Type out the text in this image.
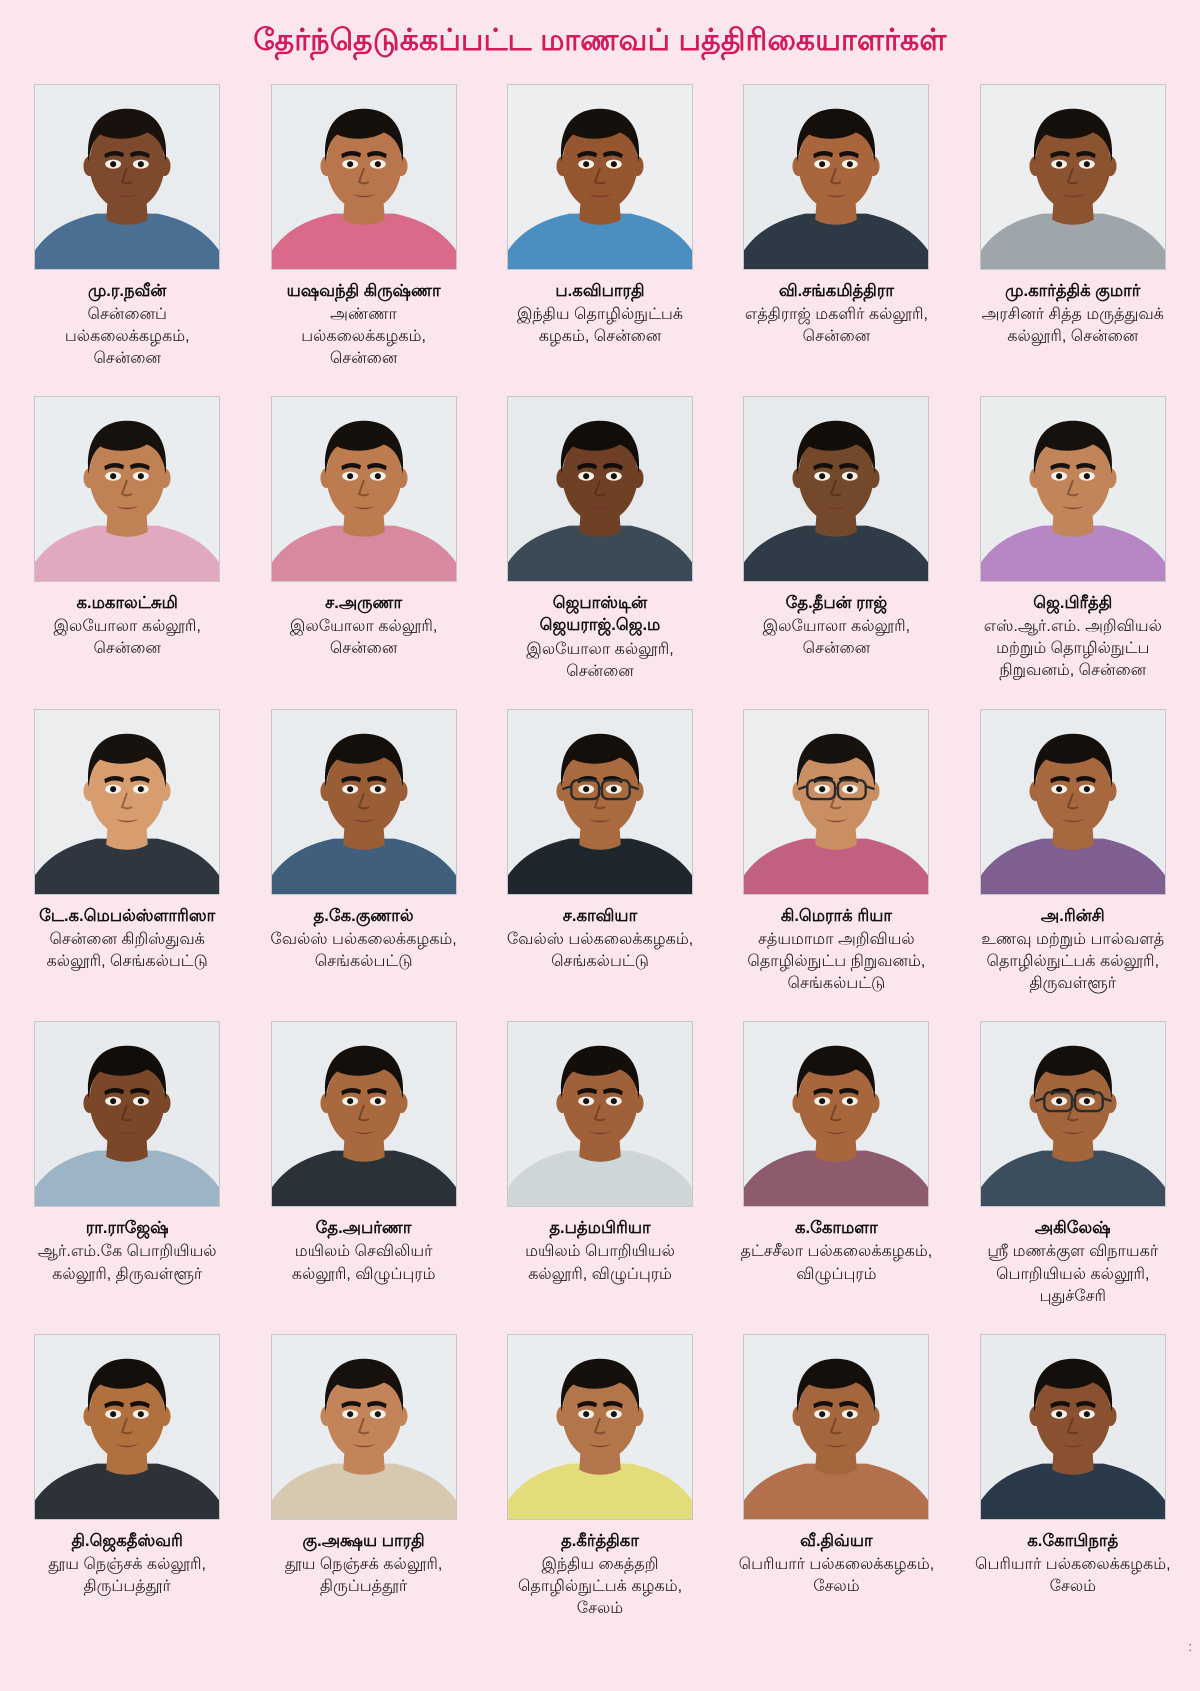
தேர்ந்தெடுக்கப்பட்ட மாணவப் பத்திரிகையாளர்கள்
மு.ர.நவீன்
சென்னைப் பல்கலைக்கழகம், சென்னை
யஷவந்தி கிருஷ்ணா
அண்ணா பல்கலைக்கழகம், சென்னை
ப.கவிபாரதி
இந்திய தொழில்நுட்பக் கழகம், சென்னை
வி.சங்கமித்திரா
எத்திராஜ் மகளிர் கல்லூரி, சென்னை
மு.கார்த்திக் குமார்
அரசினர் சித்த மருத்துவக் கல்லூரி, சென்னை
க.மகாலட்சுமி
இலயோலா கல்லூரி, சென்னை
ச.அருணா
இலயோலா கல்லூரி, சென்னை
ஜெபாஸ்டின் ஜெயராஜ்.ஜெ.ம
இலயோலா கல்லூரி, சென்னை
தே.தீபன் ராஜ்
இலயோலா கல்லூரி, சென்னை
ஜெ.பிரீத்தி
எஸ்.ஆர்.எம். அறிவியல் மற்றும் தொழில்நுட்ப நிறுவனம், சென்னை
டே.க.மெபல்ஸ்ளாரிஸா
சென்னை கிறிஸ்துவக் கல்லூரி, செங்கல்பட்டு
த.கே.குணால்
வேல்ஸ் பல்கலைக்கழகம், செங்கல்பட்டு
ச.காவியா
வேல்ஸ் பல்கலைக்கழகம், செங்கல்பட்டு
கி.மெராக் ரியா
சத்யமாமா அறிவியல் தொழில்நுட்ப நிறுவனம், செங்கல்பட்டு
அ.ரின்சி
உணவு மற்றும் பால்வளத் தொழில்நுட்பக் கல்லூரி, திருவள்ளூர்
ரா.ராஜேஷ்
ஆர்.எம்.கே பொறியியல் கல்லூரி, திருவள்ளூர்
தே.அபர்ணா
மயிலம் செவிலியர் கல்லூரி, விழுப்புரம்
த.பத்மபிரியா
மயிலம் பொறியியல் கல்லூரி, விழுப்புரம்
க.கோமளா
தட்சசீலா பல்கலைக்கழகம், விழுப்புரம்
அகிலேஷ்
ஸ்ரீ மணக்குள விநாயகர் பொறியியல் கல்லூரி, புதுச்சேரி
தி.ஜெகதீஸ்வரி
தூய நெஞ்சக் கல்லூரி, திருப்பத்தூர்
கு.அக்ஷய பாரதி
தூய நெஞ்சக் கல்லூரி, திருப்பத்தூர்
த.கீர்த்திகா
இந்திய கைத்தறி தொழில்நுட்பக் கழகம், சேலம்
வீ.திவ்யா
பெரியார் பல்கலைக்கழகம், சேலம்
க.கோபிநாத்
பெரியார் பல்கலைக்கழகம், சேலம்
:
